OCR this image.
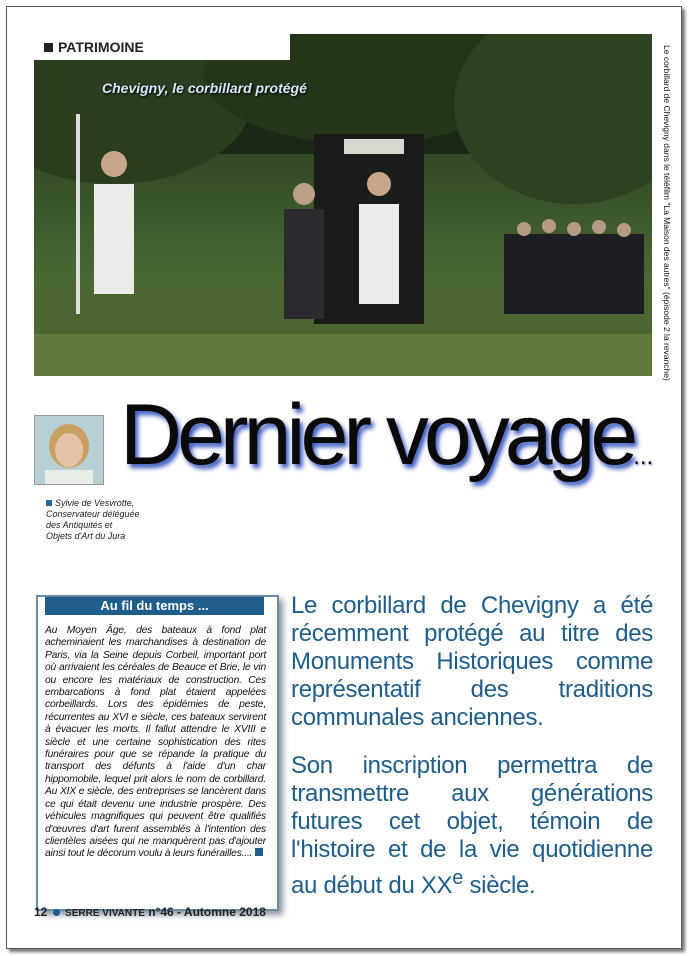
PATRIMOINE
Chevigny, le corbillard protégé	Le corbillard de Chevigny dans le téléfilm "La Maison des autres" (épisode 2 la revanche)
Dernier voyage...
Sylvie de Vesvrotte,
Conservateur déléguée
des Antiquités et
Objets d'Art du Jura
Au fil du temps ...
Au Moyen Âge, des bateaux à fond plat acheminaient les marchandises à destination de Paris, via la Seine depuis Corbeil, important port où arrivaient les céréales de Beauce et Brie, le vin ou encore les matériaux de construction. Ces embarcations à fond plat étaient appelées corbeillards. Lors des épidémies de peste, récurrentes au XVI e siècle, ces bateaux servirent à évacuer les morts. Il fallut attendre le XVIII e siècle et une certaine sophistication des rites funéraires pour que se répande la pratique du transport des défunts à l'aide d'un char hippomobile, lequel prit alors le nom de corbillard. Au XIX e siècle, des entreprises se lancèrent dans ce qui était devenu une industrie prospère. Des véhicules magnifiques qui peuvent être qualifiés d'œuvres d'art furent assemblés à l'intention des clientèles aisées qui ne manquèrent pas d'ajouter ainsi tout le décorum voulu à leurs funérailles....
Le corbillard de Chevigny a été récemment protégé au titre des Monuments Historiques comme représentatif des traditions communales anciennes.
Son inscription permettra de transmettre aux générations futures cet objet, témoin de l'histoire et de la vie quotidienne au début du XXe siècle.
12 SERRE VIVANTE n°46 - Automne 2018
